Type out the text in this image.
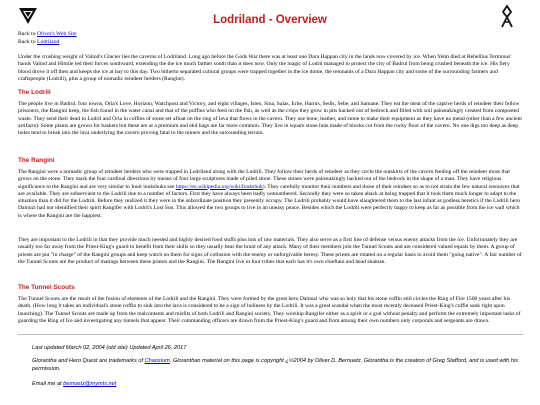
Lodriland - Overview
Back to Oliver's Web Site
Back to Lodriland
Under the crushing weight of Valind's Glacier lies the caverns of Lodriland. Long ago before the Gods War there was at least one Dara Happan city in the lands now covered by ice. When Yelm died at Rebellius Terminus' hands Valind and Himile led their forces southward, extending the the ice much farther south than it does now. Only the magic of Lodril managed to protect the city of Badrul from being crushed beneath the ice. His fiery blood drove it off then and keeps the ice at bay to this day. Two hitherto separated cultural groups were trapped together in the ice dome, the remnants of a Dara Happan city and some of the surrounding farmers and craftspeople (Lodrili), plus a group of nomadic reindeer herders (Rangini).
The Lodrili
The people live in Badrul, four towns, Oria's Love, Horizon, Watchpost and Victory, and eight villages, Isten, Sina, Salas, Erbe, Harnis, Sedis, Sebe, and Samane. They eat the meat of the captive herds of reindeer their fellow prisoners, the Rangini keep, the fish found in the water canal and that of the puffins who feed on the fish, as well as the crops they grow in pits hacked out of bedrock and filled with soil painstakingly created from composted waste. They send their dead to Lodril and Oria in coffins of stone set afloat on the ring of lava that flows in the cavern. They use bone, leather, and stone to make their equipment as they have no metal (other than a few ancient artifacts). Some plants are grown for baskets but these are at a premium and ekd bags are far more common. They live in square stone huts made of blocks cut from the rocky floor of the cavern. No one digs too deep as deep holes tend to break into the lava underlying the cavern proving fatal to the miners and the surrounding terrain.
The Rangini
The Rangini were a nomadic group of reindeer herders who were trapped in Lodriland along with the Lodrili. They follow their herds of reindeer as they circle the outskirts of the cavern feeding off the reindeer moss that grows on the stone. They mark the four cardinal directions by means of four large sculptures made of piled stone. These stones were painstakingly hacked out of the bedrock in the shape of a man. They have religious significance to the Rangini and are very similar to Inuit inukshuks see https://en.wikipedia.org/wiki/Inukshuk). They carefully monitor their numbers and those of their reindeer so as to not strain the few natural resources that are available. They are subservient to the Lodrili due to a number of factors. First they have always been badly outnumbered. Secondly they were so taken aback at being trapped that it took them much longer to adapt to the situation than it did for the Lodrili. Before they realized it they were in the subordinate position they presently occupy. The Lodrili probably would have slaughtered them to the last infant as godless heretics if the Lodrili hero Damuzi had not identified their spirit Rangifer with Lodril's Lost Son. This allowed the two groups to live in an uneasy peace. Besides which the Lodrili were perfectly happy to keep as far as possible from the ice wall which is where the Rangini are the happiest.
They are important to the Lodrili in that they provide much needed and highly desired food stuffs plus lots of raw materials. They also serve as a first line of defense versus enemy attacks from the ice. Unfortunately they are usually too far away from the Priest-King's guard to benefit from their skills so they usually bear the brunt of any attack. Many of their members join the Tunnel Scouts and are considered valued equals by them. A group of priests are put "in charge" of the Rangini groups and keep watch on them for signs of collusion with the enemy or unforgivable heresy. These priests are rotated on a regular basis to avoid them "going native". A fair number of the Tunnel Scouts are the product of matings between these priests and the Rangini. The Rangini live in four tribes that each has it's own chieftain and head shaman.
The Tunnel Scouts
The Tunnel Scouts are the result of the fusion of elements of the Lodrili and the Rangini. They were formed by the great hero Damuzi who was so holy that his stone coffin still circles the Ring of Fire 1500 years after his death. (How long it takes an individual's stone coffin to sink into the lava is considered to be a sign of holiness by the Lodrili. It was a great scandal when the most recently deceased Priest-King's coffin sank right upon launching). The Tunnel Scouts are made up from the malcontents and misfits of both Lodrili and Rangini society. They worship Rangifer either as a spirit or a god without penalty and perform the extremely important tasks of guarding the Ring of Ice and investigating any tunnels that appear. Their commanding officers are drawn from the Priest-King's guard and from among their own numbers only corporals and sergeants are drawn.
Last updated March 02, 2004 (old site) Updated April 26, 2017
Glorantha and Hero Quest are trademarks of Chaosium. Gloranthan material on this page is copyright ¿½2004 by Oliver D. Bernuetz. Glorantha is the creation of Greg Stafford, and is used with his permission.
Email me at bernuetz@mymts.net
